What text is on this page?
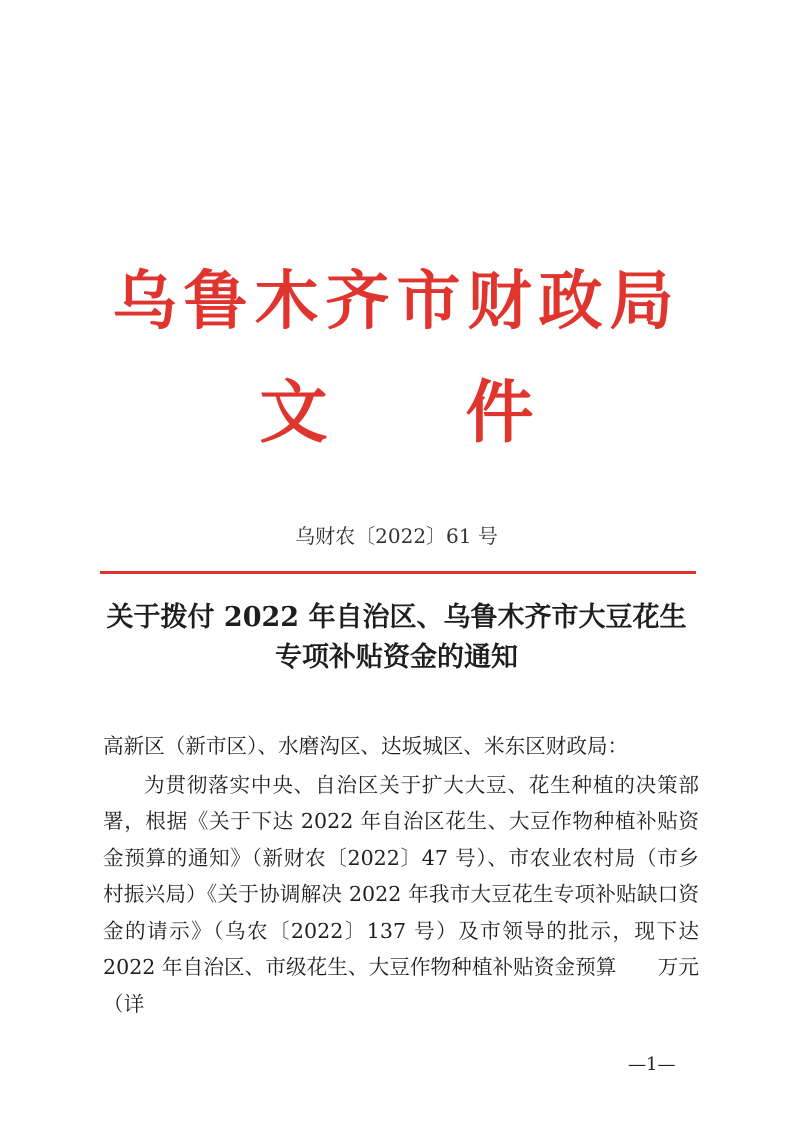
乌鲁木齐市财政局
文 件
乌财农〔2022〕61 号
关于拨付 2022 年自治区、乌鲁木齐市大豆花生
专项补贴资金的通知

高新区（新市区）、水磨沟区、达坂城区、米东区财政局：

为贯彻落实中央、自治区关于扩大大豆、花生种植的决策部署，根据《关于下达 2022 年自治区花生、大豆作物种植补贴资金预算的通知》（新财农〔2022〕47 号）、市农业农村局（市乡村振兴局）《关于协调解决 2022 年我市大豆花生专项补贴缺口资金的请示》（乌农〔2022〕137 号）及市领导的批示，现下达 2022 年自治区、市级花生、大豆作物种植补贴资金预算　　万元（详

—1—
